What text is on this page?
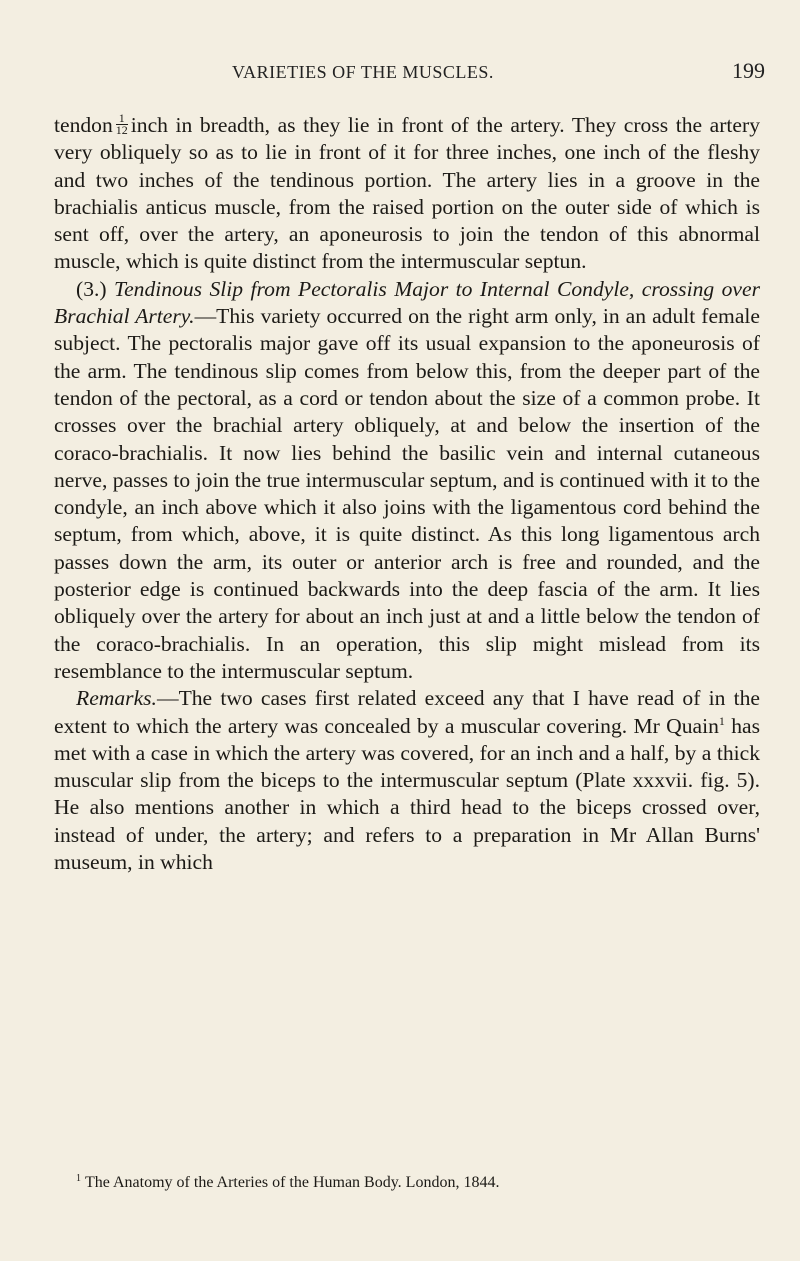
VARIETIES OF THE MUSCLES.	199

tendon $\frac{1}{12}$ inch in breadth, as they lie in front of the artery. They cross the artery very obliquely so as to lie in front of it for three inches, one inch of the fleshy and two inches of the tendinous portion. The artery lies in a groove in the brachialis anticus muscle, from the raised portion on the outer side of which is sent off, over the artery, an aponeurosis to join the tendon of this abnormal muscle, which is quite distinct from the intermuscular septun.

(3.) Tendinous Slip from Pectoralis Major to Internal Condyle, crossing over Brachial Artery.—This variety occurred on the right arm only, in an adult female subject. The pectoralis major gave off its usual expansion to the aponeurosis of the arm. The tendinous slip comes from below this, from the deeper part of the tendon of the pectoral, as a cord or tendon about the size of a common probe. It crosses over the brachial artery obliquely, at and below the insertion of the coraco-brachialis. It now lies behind the basilic vein and internal cutaneous nerve, passes to join the true intermuscular septum, and is continued with it to the condyle, an inch above which it also joins with the ligamentous cord behind the septum, from which, above, it is quite distinct. As this long ligamentous arch passes down the arm, its outer or anterior arch is free and rounded, and the posterior edge is continued backwards into the deep fascia of the arm. It lies obliquely over the artery for about an inch just at and a little below the tendon of the coraco-brachialis. In an operation, this slip might mislead from its resemblance to the intermuscular septum.

Remarks.—The two cases first related exceed any that I have read of in the extent to which the artery was concealed by a muscular covering. Mr Quain$^1$ has met with a case in which the artery was covered, for an inch and a half, by a thick muscular slip from the biceps to the intermuscular septum (Plate xxxvii. fig. 5). He also mentions another in which a third head to the biceps crossed over, instead of under, the artery; and refers to a preparation in Mr Allan Burns' museum, in which

$^1$ The Anatomy of the Arteries of the Human Body. London, 1844.
